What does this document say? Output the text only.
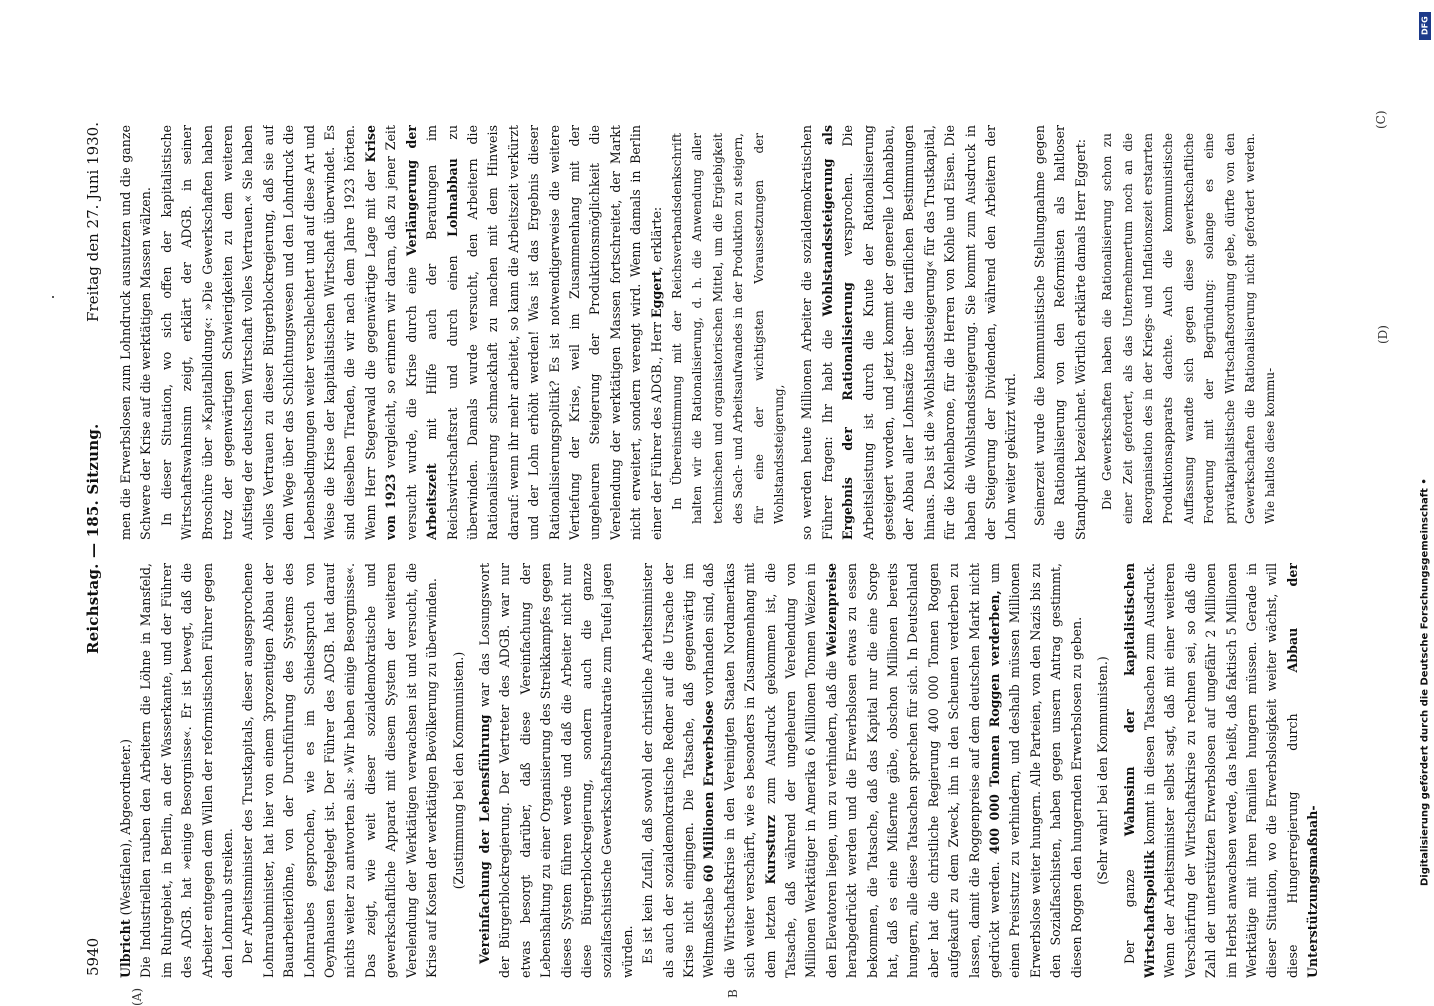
5940
Reichstag. — 185. Sitzung.
Freitag den 27. Juni 1930.
(A)	B
(C)
(D)

Ulbricht (Westfalen), Abgeordneter.) Die Industriellen rauben den Arbeitern die Löhne in Mansfeld, im Ruhrgebiet, in Berlin, an der Wasserkante, und der Führer des ADGB. hat »einige Besorgnisse«. Er ist bewegt, daß die Arbeiter entgegen dem Willen der reformistischen Führer gegen den Lohnraub streiken. Der Arbeitsminister des Trustkapitals, dieser ausgesprochene Lohnraubminister, hat hier von einem 3prozentigen Abbau der Bauarbeiterlöhne, von der Durchführung des Systems des Lohnraubes gesprochen, wie es im Schiedsspruch von Oeynhausen festgelegt ist. Der Führer des ADGB. hat darauf nichts weiter zu antworten als: »Wir haben einige Besorgnisse«. Das zeigt, wie weit dieser sozialdemokratische und gewerkschaftliche Apparat mit diesem System der weiteren Verelendung der Werktätigen verwachsen ist und versucht, die Krise auf Kosten der werktätigen Bevölkerung zu überwinden. (Zustimmung bei den Kommunisten.) Vereinfachung der Lebensführung war das Losungswort der Bürgerblockregierung. Der Vertreter des ADGB. war nur etwas besorgt darüber, daß diese Vereinfachung der Lebenshaltung zu einer Organisierung des Streikkampfes gegen dieses System führen werde und daß die Arbeiter nicht nur diese Bürgerblockregierung, sondern auch die ganze sozialfaschistische Gewerkschaftsbureaukratie zum Teufel jagen würden. Es ist kein Zufall, daß sowohl der christliche Arbeitsminister als auch der sozialdemokratische Redner auf die Ursache der Krise nicht eingingen. Die Tatsache, daß gegenwärtig im Weltmaßstabe 60 Millionen Erwerbslose vorhanden sind, daß die Wirtschaftskrise in den Vereinigten Staaten Nordamerikas sich weiter verschärft, wie es besonders in Zusammenhang mit dem letzten Kurssturz zum Ausdruck gekommen ist, die Tatsache, daß während der ungeheuren Verelendung von Millionen Werktätiger in Amerika 6 Millionen Tonnen Weizen in den Elevatoren liegen, um zu verhindern, daß die Weizenpreise herabgedrückt werden und die Erwerbslosen etwas zu essen bekommen, die Tatsache, daß das Kapital nur die eine Sorge hat, daß es eine Mißernte gäbe, obschon Millionen bereits hungern, alle diese Tatsachen sprechen für sich. In Deutschland aber hat die christliche Regierung 400 000 Tonnen Roggen aufgekauft zu dem Zweck, ihn in den Scheunen verderben zu lassen, damit die Roggenpreise auf dem deutschen Markt nicht gedrückt werden. 400 000 Tonnen Roggen verderben, um einen Preissturz zu verhindern, und deshalb müssen Millionen Erwerbslose weiter hungern. Alle Parteien, von den Nazis bis zu den Sozialfaschisten, haben gegen unsern Antrag gestimmt, diesen Roggen den hungernden Erwerbslosen zu geben. (Sehr wahr! bei den Kommunisten.)

Der ganze Wahnsinn der kapitalistischen Wirtschaftspolitik kommt in diesen Tatsachen zum Ausdruck. Wenn der Arbeitsminister selbst sagt, daß mit einer weiteren Verschärfung der Wirtschaftskrise zu rechnen sei, so daß die Zahl der unterstützten Erwerbslosen auf ungefähr 2 Millionen im Herbst anwachsen werde, das heißt, daß faktisch 5 Millionen Werktätige mit ihren Familien hungern müssen. Gerade in dieser Situation, wo die Erwerbslosigkeit weiter wächst, will diese Hungerregierung durch Abbau der Unterstützungsmaßnah-

men die Erwerbslosen zum Lohndruck ausnutzen und die ganze Schwere der Krise auf die werktätigen Massen wälzen. In dieser Situation, wo sich offen der kapitalistische Wirtschaftswahnsinn zeigt, erklärt der ADGB. in seiner Broschüre über »Kapitalbildung«: »Die Gewerkschaften haben trotz der gegenwärtigen Schwierigkeiten zu dem weiteren Aufstieg der deutschen Wirtschaft volles Vertrauen.« Sie haben volles Vertrauen zu dieser Bürgerblockregierung, daß sie auf dem Wege über das Schlichtungswesen und den Lohndruck die Lebensbedingungen weiter verschlechtert und auf diese Art und Weise die Krise der kapitalistischen Wirtschaft überwindet. Es sind dieselben Tiraden, die wir nach dem Jahre 1923 hörten. Wenn Herr Stegerwald die gegenwärtige Lage mit der Krise von 1923 vergleicht, so erinnern wir daran, daß zu jener Zeit versucht wurde, die Krise durch eine Verlängerung der Arbeitszeit mit Hilfe auch der Beratungen im Reichswirtschaftsrat und durch einen Lohnabbau zu überwinden. Damals wurde versucht, den Arbeitern die Rationalisierung schmackhaft zu machen mit dem Hinweis darauf: wenn ihr mehr arbeitet, so kann die Arbeitszeit verkürzt und der Lohn erhöht werden! Was ist das Ergebnis dieser Rationalisierungspolitik? Es ist notwendigerweise die weitere Vertiefung der Krise, weil im Zusammenhang mit der ungeheuren Steigerung der Produktionsmöglichkeit die Verelendung der werktätigen Massen fortschreitet, der Markt nicht erweitert, sondern verengt wird. Wenn damals in Berlin einer der Führer des ADGB., Herr Eggert, erklärte: In Übereinstimmung mit der Reichsverbandsdenkschrift halten wir die Rationalisierung, d. h. die Anwendung aller technischen und organisatorischen Mittel, um die Ergiebigkeit des Sach- und Arbeitsaufwandes in der Produktion zu steigern, für eine der wichtigsten Voraussetzungen der Wohlstandssteigerung, so werden heute Millionen Arbeiter die sozialdemokratischen Führer fragen: Ihr habt die Wohlstandssteigerung als Ergebnis der Rationalisierung versprochen. Die Arbeitsleistung ist durch die Knute der Rationalisierung gesteigert worden, und jetzt kommt der generelle Lohnabbau, der Abbau aller Lohnsätze über die tariflichen Bestimmungen hinaus. Das ist die »Wohlstandssteigerung« für das Trustkapital, für die Kohlenbarone, für die Herren von Kohle und Eisen. Die haben die Wohlstandssteigerung. Sie kommt zum Ausdruck in der Steigerung der Dividenden, während den Arbeitern der Lohn weiter gekürzt wird. Seinerzeit wurde die kommunistische Stellungnahme gegen die Rationalisierung von den Reformisten als haltloser Standpunkt bezeichnet. Wörtlich erklärte damals Herr Eggert: Die Gewerkschaften haben die Rationalisierung schon zu einer Zeit gefordert, als das Unternehmertum noch an die Reorganisation des in der Kriegs- und Inflationszeit erstarrten Produktionsapparats dachte. Auch die kommunistische Auffassung wandte sich gegen diese gewerkschaftliche Forderung mit der Begründung: solange es eine privatkapitalistische Wirtschaftsordnung gebe, dürfte von den Gewerkschaften die Rationalisierung nicht gefordert werden. Wie haltlos diese kommu-

DFG
Digitalisierung gefördert durch die Deutsche Forschungsgemeinschaft •
